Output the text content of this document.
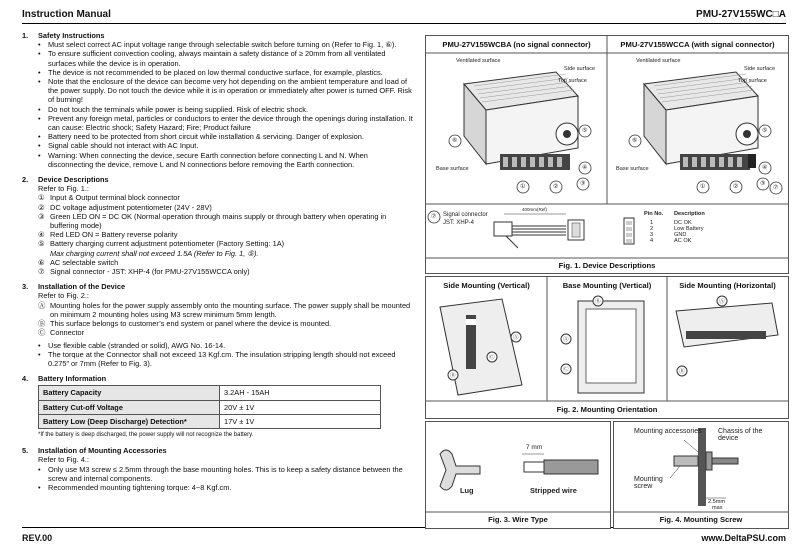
Instruction Manual	PMU-27V155WC□A
REV.00	www.DeltaPSU.com
1. Safety Instructions
• Must select correct AC input voltage range through selectable switch before turning on (Refer to Fig. 1, ⑥).
• To ensure sufficient convection cooling, always maintain a safety distance of ≥ 20mm from all ventilated surfaces while the device is in operation.
• The device is not recommended to be placed on low thermal conductive surface, for example, plastics.
• Note that the enclosure of the device can become very hot depending on the ambient temperature and load of the power supply. Do not touch the device while it is in operation or immediately after power is turned OFF. Risk of burning!
• Do not touch the terminals while power is being supplied. Risk of electric shock.
• Prevent any foreign metal, particles or conductors to enter the device through the openings during installation. It can cause: Electric shock; Safety Hazard; Fire; Product failure
• Battery need to be protected from short circuit while installation & servicing. Danger of explosion.
• Signal cable should not interact with AC Input.
• Warning: When connecting the device, secure Earth connection before connecting L and N. When disconnecting the device, remove L and N connections before removing the Earth connection.
2. Device Descriptions
Refer to Fig. 1.:
① Input & Output terminal block connector
② DC voltage adjustment potentiometer (24V - 28V)
③ Green LED ON = DC OK (Normal operation through mains supply or through battery when operating in buffering mode)
④ Red LED ON = Battery reverse polarity
⑤ Battery charging current adjustment potentiometer (Factory Setting: 1A)
Max charging current shall not exceed 1.5A (Refer to Fig. 1, ⑤).
⑥ AC selectable switch
⑦ Signal connector - JST: XHP-4 (for PMU-27V155WCCA only)
3. Installation of the Device
Refer to Fig. 2.:
Ⓐ Mounting holes for the power supply assembly onto the mounting surface. The power supply shall be mounted on minimum 2 mounting holes using M3 screw minimum 5mm length.
Ⓑ This surface belongs to customer’s end system or panel where the device is mounted.
Ⓒ Connector
• Use flexible cable (stranded or solid), AWG No. 16-14.
• The torque at the Connector shall not exceed 13 Kgf.cm. The insulation stripping length should not exceed 0.275” or 7mm (Refer to Fig. 3).
4. Battery Information
Battery Capacity	3.2AH - 15AH
Battery Cut-off Voltage	20V ± 1V
Battery Low (Deep Discharge) Detection*	17V ± 1V
*If the battery is deep discharged, the power supply will not recognize the battery.
5. Installation of Mounting Accessories
Refer to Fig. 4.:
• Only use M3 screw ≤ 2.5mm through the base mounting holes. This is to keep a safety distance between the screw and internal components.
• Recommended mounting tightening torque: 4~8 Kgf.cm.
PMU-27V155WCBA (no signal connector)	PMU-27V155WCCA (with signal connector)
Ventilated surface
Side surface
Top surface
Base surface
Ventilated surface
Side surface
Top surface
Base surface
①	②	③
④
⑤
⑥
①	②	③
④
⑤
⑥
⑦
⑦ Signal connector
JST: XHP-4
400mm(Ref)
Pin No. Description
1	DC OK
2	Low Battery
3	GND
4	AC OK
Fig. 1. Device Descriptions
Side Mounting (Vertical)	Base Mounting (Vertical)	Side Mounting (Horizontal)
Ⓑ
Ⓐ
Ⓒ
Ⓑ
Ⓒ
Ⓐ
Ⓐ
Ⓑ
Fig. 2. Mounting Orientation
7 mm
Lug	Stripped wire
Fig. 3. Wire Type
Mounting accessories Chassis of the device
Mounting screw
2.5mm
max
Fig. 4. Mounting Screw
